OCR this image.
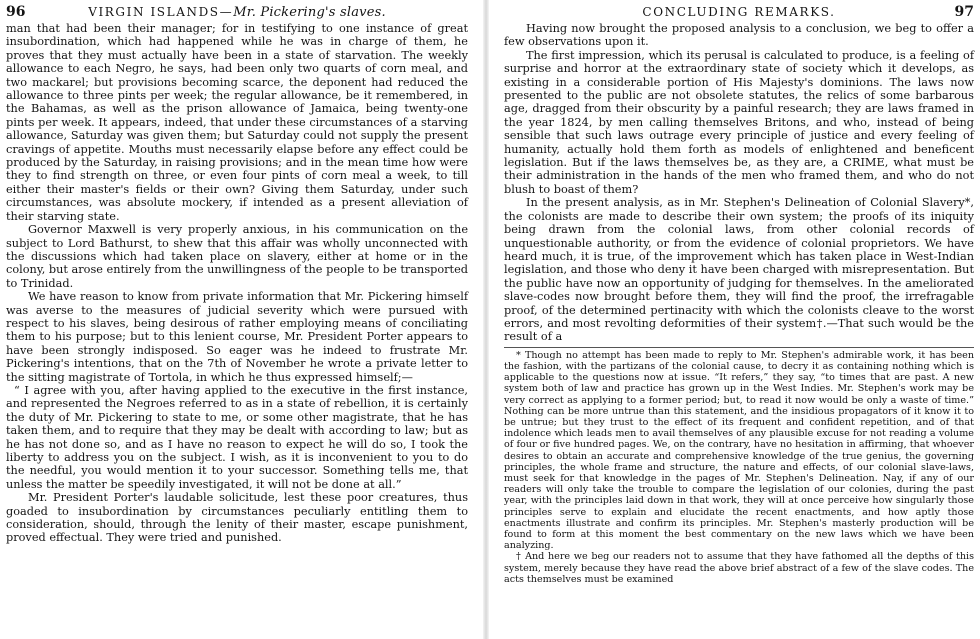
96	VIRGIN ISLANDS—Mr. Pickering's slaves.

man that had been their manager; for in testifying to one instance of great insubordination, which had happened while he was in charge of them, he proves that they must actually have been in a state of starvation. The weekly allowance to each Negro, he says, had been only two quarts of corn meal, and two mackarel; but provisions becoming scarce, the deponent had reduced the allowance to three pints per week; the regular allowance, be it remembered, in the Bahamas, as well as the prison allowance of Jamaica, being twenty-one pints per week. It appears, indeed, that under these circumstances of a starving allowance, Saturday was given them; but Saturday could not supply the present cravings of appetite. Mouths must necessarily elapse before any effect could be produced by the Saturday, in raising provisions; and in the mean time how were they to find strength on three, or even four pints of corn meal a week, to till either their master's fields or their own? Giving them Saturday, under such circumstances, was absolute mockery, if intended as a present alleviation of their starving state.

Governor Maxwell is very properly anxious, in his communication on the subject to Lord Bathurst, to shew that this affair was wholly unconnected with the discussions which had taken place on slavery, either at home or in the colony, but arose entirely from the unwillingness of the people to be transported to Trinidad.

We have reason to know from private information that Mr. Pickering himself was averse to the measures of judicial severity which were pursued with respect to his slaves, being desirous of rather employing means of conciliating them to his purpose; but to this lenient course, Mr. President Porter appears to have been strongly indisposed. So eager was he indeed to frustrate Mr. Pickering's intentions, that on the 7th of November he wrote a private letter to the sitting magistrate of Tortola, in which he thus expressed himself;—

“ I agree with you, after having applied to the executive in the first instance, and represented the Negroes referred to as in a state of rebellion, it is certainly the duty of Mr. Pickering to state to me, or some other magistrate, that he has taken them, and to require that they may be dealt with according to law; but as he has not done so, and as I have no reason to expect he will do so, I took the liberty to address you on the subject. I wish, as it is inconvenient to you to do the needful, you would mention it to your successor. Something tells me, that unless the matter be speedily investigated, it will not be done at all.”

Mr. President Porter's laudable solicitude, lest these poor creatures, thus goaded to insubordination by circumstances peculiarly entitling them to consideration, should, through the lenity of their master, escape punishment, proved effectual. They were tried and punished.

CONCLUDING REMARKS.	97

Having now brought the proposed analysis to a conclusion, we beg to offer a few observations upon it.

The first impression, which its perusal is calculated to produce, is a feeling of surprise and horror at the extraordinary state of society which it develops, as existing in a considerable portion of His Majesty's dominions. The laws now presented to the public are not obsolete statutes, the relics of some barbarous age, dragged from their obscurity by a painful research; they are laws framed in the year 1824, by men calling themselves Britons, and who, instead of being sensible that such laws outrage every principle of justice and every feeling of humanity, actually hold them forth as models of enlightened and beneficent legislation. But if the laws themselves be, as they are, a CRIME, what must be their administration in the hands of the men who framed them, and who do not blush to boast of them?

In the present analysis, as in Mr. Stephen's Delineation of Colonial Slavery*, the colonists are made to describe their own system; the proofs of its iniquity being drawn from the colonial laws, from other colonial records of unquestionable authority, or from the evidence of colonial proprietors. We have heard much, it is true, of the improvement which has taken place in West-Indian legislation, and those who deny it have been charged with misrepresentation. But the public have now an opportunity of judging for themselves. In the ameliorated slave-codes now brought before them, they will find the proof, the irrefragable proof, of the determined pertinacity with which the colonists cleave to the worst errors, and most revolting deformities of their system†.—That such would be the result of a

* Though no attempt has been made to reply to Mr. Stephen's admirable work, it has been the fashion, with the partizans of the colonial cause, to decry it as containing nothing which is applicable to the questions now at issue. “It refers,” they say, “to times that are past. A new system both of law and practice has grown up in the West Indies. Mr. Stephen's work may be very correct as applying to a former period; but, to read it now would be only a waste of time.” Nothing can be more untrue than this statement, and the insidious propagators of it know it to be untrue; but they trust to the effect of its frequent and confident repetition, and of that indolence which leads men to avail themselves of any plausible excuse for not reading a volume of four or five hundred pages. We, on the contrary, have no hesitation in affirming, that whoever desires to obtain an accurate and comprehensive knowledge of the true genius, the governing principles, the whole frame and structure, the nature and effects, of our colonial slave-laws, must seek for that knowledge in the pages of Mr. Stephen's Delineation. Nay, if any of our readers will only take the trouble to compare the legislation of our colonies, during the past year, with the principles laid down in that work, they will at once perceive how singularly those principles serve to explain and elucidate the recent enactments, and how aptly those enactments illustrate and confirm its principles. Mr. Stephen's masterly production will be found to form at this moment the best commentary on the new laws which we have been analyzing.

† And here we beg our readers not to assume that they have fathomed all the depths of this system, merely because they have read the above brief abstract of a few of the slave codes. The acts themselves must be examined
